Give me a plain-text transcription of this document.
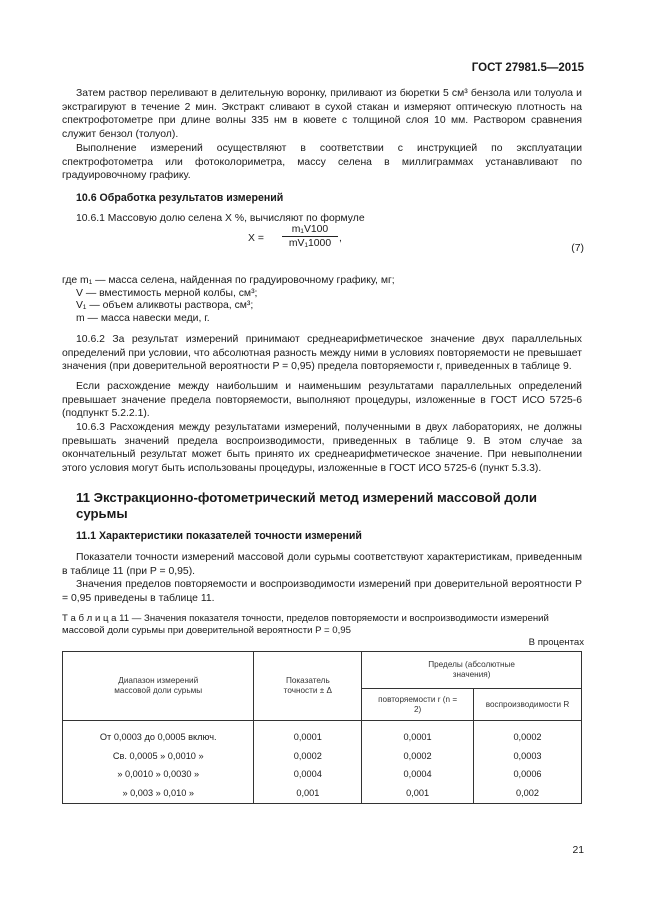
ГОСТ 27981.5—2015
Затем раствор переливают в делительную воронку, приливают из бюретки 5 см³ бензола или толуола и экстрагируют в течение 2 мин. Экстракт сливают в сухой стакан и измеряют оптическую плотность на спектрофотометре при длине волны 335 нм в кювете с толщиной слоя 10 мм. Раствором сравнения служит бензол (толуол).
Выполнение измерений осуществляют в соответствии с инструкцией по эксплуатации спектрофотометра или фотоколориметра, массу селена в миллиграммах устанавливают по градуировочному графику.
10.6 Обработка результатов измерений
10.6.1 Массовую долю селена X %, вычисляют по формуле
$X = \frac{\text{m₁V100}}{\text{mV₁1000}}$ ,
(7)
где m₁ — масса селена, найденная по градуировочному графику, мг;
V — вместимость мерной колбы, см³;
V₁ — объем аликвоты раствора, см³;
m — масса навески меди, г.
10.6.2 За результат измерений принимают среднеарифметическое значение двух параллельных определений при условии, что абсолютная разность между ними в условиях повторяемости не превышает значения (при доверительной вероятности P = 0,95) предела повторяемости r, приведенных в таблице 9.
Если расхождение между наибольшим и наименьшим результатами параллельных определений превышает значение предела повторяемости, выполняют процедуры, изложенные в ГОСТ ИСО 5725-6 (подпункт 5.2.2.1).
10.6.3 Расхождения между результатами измерений, полученными в двух лабораториях, не должны превышать значений предела воспроизводимости, приведенных в таблице 9. В этом случае за окончательный результат может быть принято их среднеарифметическое значение. При невыполнении этого условия могут быть использованы процедуры, изложенные в ГОСТ ИСО 5725-6 (пункт 5.3.3).
11 Экстракционно-фотометрический метод измерений массовой доли сурьмы
11.1 Характеристики показателей точности измерений
Показатели точности измерений массовой доли сурьмы соответствуют характеристикам, приведенным в таблице 11 (при P = 0,95).
Значения пределов повторяемости и воспроизводимости измерений при доверительной вероятности P = 0,95 приведены в таблице 11.
Т а б л и ц а 11 — Значения показателя точности, пределов повторяемости и воспроизводимости измерений массовой доли сурьмы при доверительной вероятности P = 0,95
В процентах
Диапазон измерений массовой доли сурьмы	Показатель точности ± Δ	Пределы (абсолютные значения)	
		повторяемости r (n = 2)	воспроизводимости R

От 0,0003 до 0,0005 включ.	0,0001	0,0001	0,0002
Св. 0,0005 » 0,0010 »	0,0002	0,0002	0,0003
» 0,0010 » 0,0030 »	0,0004	0,0004	0,0006
» 0,003 » 0,010 »	0,001	0,001	0,002
21
